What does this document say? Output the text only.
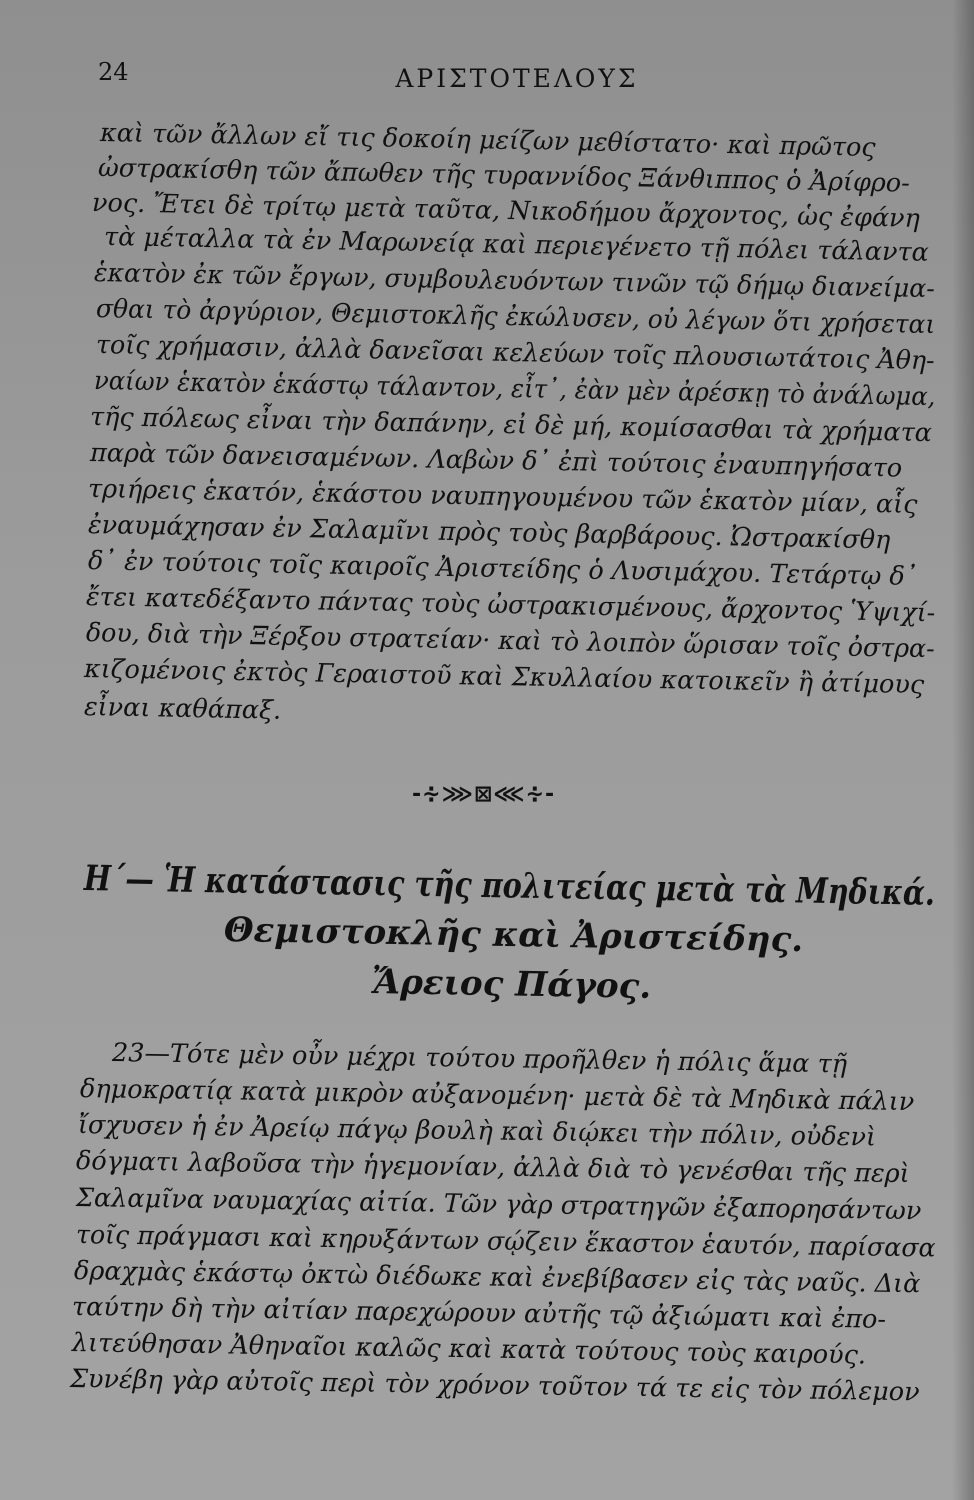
24	ΑΡΙΣΤΟΤΕΛΟΥΣ
καὶ τῶν ἄλλων εἴ τις δοκοίη μείζων μεθίστατο· καὶ πρῶτος
ὠστρακίσθη τῶν ἄπωθεν τῆς τυραννίδος Ξάνθιππος ὁ Ἀρίφρο-
νος. Ἔτει δὲ τρίτῳ μετὰ ταῦτα, Νικοδήμου ἄρχοντος, ὡς ἐφάνη
τὰ μέταλλα τὰ ἐν Μαρωνείᾳ καὶ περιεγένετο τῇ πόλει τάλαντα
ἑκατὸν ἐκ τῶν ἔργων, συμβουλευόντων τινῶν τῷ δήμῳ διανείμα-
σθαι τὸ ἀργύριον, Θεμιστοκλῆς ἐκώλυσεν, οὐ λέγων ὅτι χρήσεται
τοῖς χρήμασιν, ἀλλὰ δανεῖσαι κελεύων τοῖς πλουσιωτάτοις Ἀθη-
ναίων ἑκατὸν ἑκάστῳ τάλαντον, εἶτ᾽, ἐὰν μὲν ἀρέσκῃ τὸ ἀνάλωμα,
τῆς πόλεως εἶναι τὴν δαπάνην, εἰ δὲ μή, κομίσασθαι τὰ χρήματα
παρὰ τῶν δανεισαμένων. Λαβὼν δ᾽ ἐπὶ τούτοις ἐναυπηγήσατο
τριήρεις ἑκατόν, ἑκάστου ναυπηγουμένου τῶν ἑκατὸν μίαν, αἷς
ἐναυμάχησαν ἐν Σαλαμῖνι πρὸς τοὺς βαρβάρους. Ὠστρακίσθη
δ᾽ ἐν τούτοις τοῖς καιροῖς Ἀριστείδης ὁ Λυσιμάχου. Τετάρτῳ δ᾽
ἔτει κατεδέξαντο πάντας τοὺς ὠστρακισμένους, ἄρχοντος Ὑψιχί-
δου, διὰ τὴν Ξέρξου στρατείαν· καὶ τὸ λοιπὸν ὥρισαν τοῖς ὀστρα-
κιζομένοις ἐκτὸς Γεραιστοῦ καὶ Σκυλλαίου κατοικεῖν ἢ ἀτίμους
εἶναι καθάπαξ.
-∻⋙⊠⋘∻-
Η΄— Ἡ κατάστασις τῆς πολιτείας μετὰ τὰ Μηδικά.
Θεμιστοκλῆς καὶ Ἀριστείδης.
Ἄρειος Πάγος.
23—Τότε μὲν οὖν μέχρι τούτου προῆλθεν ἡ πόλις ἅμα τῇ
δημοκρατίᾳ κατὰ μικρὸν αὐξανομένη· μετὰ δὲ τὰ Μηδικὰ πάλιν
ἴσχυσεν ἡ ἐν Ἀρείῳ πάγῳ βουλὴ καὶ διῴκει τὴν πόλιν, οὐδενὶ
δόγματι λαβοῦσα τὴν ἡγεμονίαν, ἀλλὰ διὰ τὸ γενέσθαι τῆς περὶ
Σαλαμῖνα ναυμαχίας αἰτία. Τῶν γὰρ στρατηγῶν ἐξαπορησάντων
τοῖς πράγμασι καὶ κηρυξάντων σῴζειν ἕκαστον ἑαυτόν, παρίσασα
δραχμὰς ἑκάστῳ ὀκτὼ διέδωκε καὶ ἐνεβίβασεν εἰς τὰς ναῦς. Διὰ
ταύτην δὴ τὴν αἰτίαν παρεχώρουν αὐτῆς τῷ ἀξιώματι καὶ ἐπο-
λιτεύθησαν Ἀθηναῖοι καλῶς καὶ κατὰ τούτους τοὺς καιρούς.
Συνέβη γὰρ αὐτοῖς περὶ τὸν χρόνον τοῦτον τά τε εἰς τὸν πόλεμον
